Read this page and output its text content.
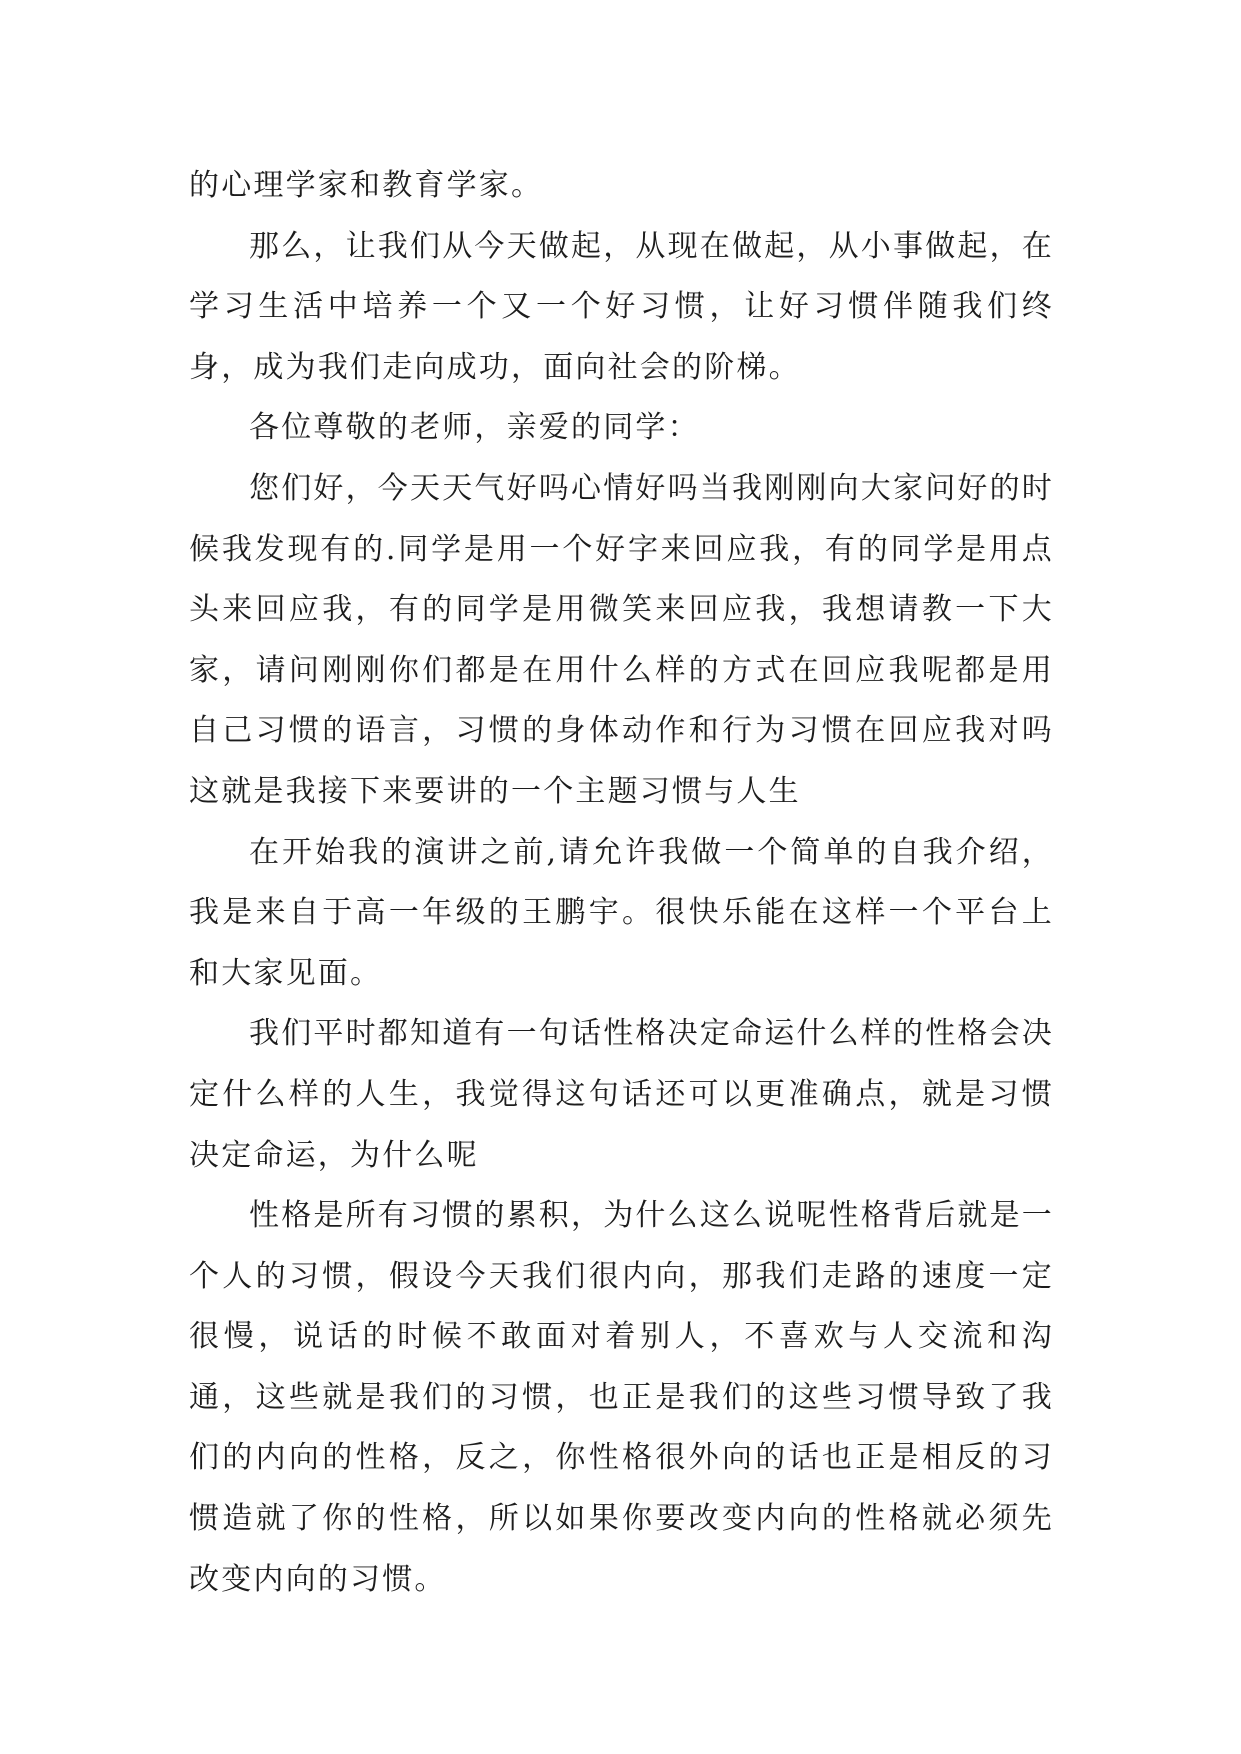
的心理学家和教育学家。

那么，让我们从今天做起，从现在做起，从小事做起，在学习生活中培养一个又一个好习惯，让好习惯伴随我们终身，成为我们走向成功，面向社会的阶梯。

各位尊敬的老师，亲爱的同学：

您们好，今天天气好吗心情好吗当我刚刚向大家问好的时候我发现有的.同学是用一个好字来回应我，有的同学是用点头来回应我，有的同学是用微笑来回应我，我想请教一下大家，请问刚刚你们都是在用什么样的方式在回应我呢都是用自己习惯的语言，习惯的身体动作和行为习惯在回应我对吗这就是我接下来要讲的一个主题习惯与人生

在开始我的演讲之前,请允许我做一个简单的自我介绍，我是来自于高一年级的王鹏宇。很快乐能在这样一个平台上和大家见面。

我们平时都知道有一句话性格决定命运什么样的性格会决定什么样的人生，我觉得这句话还可以更准确点，就是习惯决定命运，为什么呢

性格是所有习惯的累积，为什么这么说呢性格背后就是一个人的习惯，假设今天我们很内向，那我们走路的速度一定很慢，说话的时候不敢面对着别人，不喜欢与人交流和沟通，这些就是我们的习惯，也正是我们的这些习惯导致了我们的内向的性格，反之，你性格很外向的话也正是相反的习惯造就了你的性格，所以如果你要改变内向的性格就必须先改变内向的习惯。
